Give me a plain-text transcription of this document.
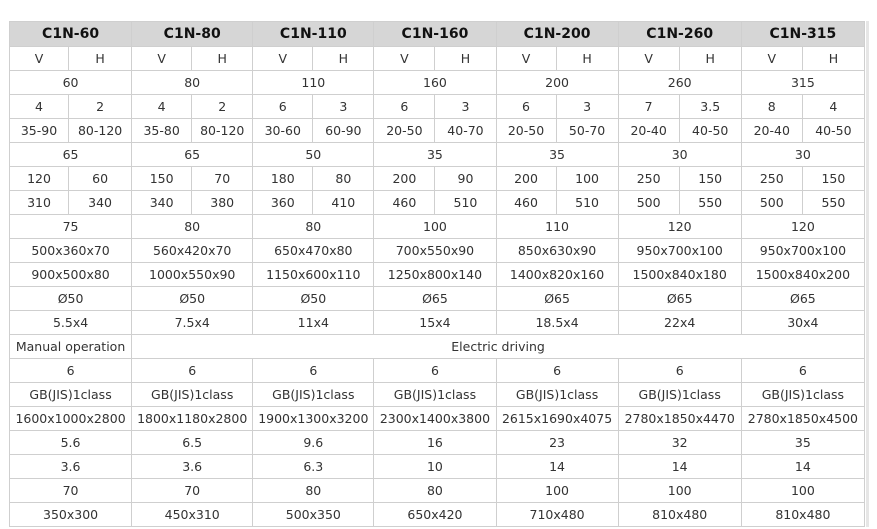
C1N-60		C1N-80		C1N-110		C1N-160		C1N-200		C1N-260		C1N-315	
V	H	V	H	V	H	V	H	V	H	V	H	V	H
60		80		110		160		200		260		315	
4	2	4	2	6	3	6	3	6	3	7	3.5	8	4
35-90	80-120	35-80	80-120	30-60	60-90	20-50	40-70	20-50	50-70	20-40	40-50	20-40	40-50
65		65		50		35		35		30		30	
120	60	150	70	180	80	200	90	200	100	250	150	250	150
310	340	340	380	360	410	460	510	460	510	500	550	500	550
75		80		80		100		110		120		120	
500x360x70		560x420x70		650x470x80		700x550x90		850x630x90		950x700x100		950x700x100	
900x500x80		1000x550x90		1150x600x110		1250x800x140		1400x820x160		1500x840x180		1500x840x200	
Ø50		Ø50		Ø50		Ø65		Ø65		Ø65		Ø65	
5.5x4		7.5x4		11x4		15x4		18.5x4		22x4		30x4	
Manual operation		Electric driving											
6		6		6		6		6		6		6	
GB(JIS)1class		GB(JIS)1class		GB(JIS)1class		GB(JIS)1class		GB(JIS)1class		GB(JIS)1class		GB(JIS)1class	
1600x1000x2800		1800x1180x2800		1900x1300x3200		2300x1400x3800		2615x1690x4075		2780x1850x4470		2780x1850x4500	
5.6		6.5		9.6		16		23		32		35	
3.6		3.6		6.3		10		14		14		14	
70		70		80		80		100		100		100	
350x300		450x310		500x350		650x420		710x480		810x480		810x480	
